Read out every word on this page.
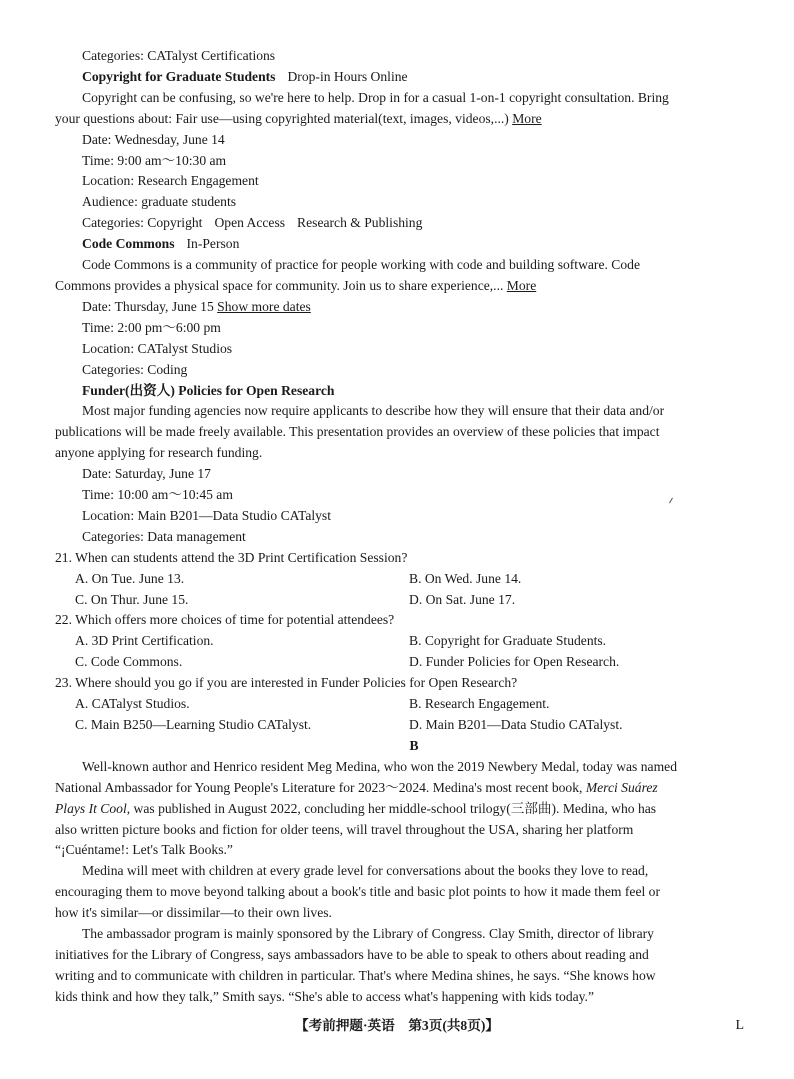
Categories: CATalyst Certifications
Copyright for Graduate Students Drop-in Hours Online
Copyright can be confusing, so we're here to help. Drop in for a casual 1-on-1 copyright consultation. Bring
your questions about: Fair use—using copyrighted material(text, images, videos,...) More
Date: Wednesday, June 14
Time: 9:00 am～10:30 am
Location: Research Engagement
Audience: graduate students
Categories: Copyright Open Access Research & Publishing
Code Commons In-Person
Code Commons is a community of practice for people working with code and building software. Code
Commons provides a physical space for community. Join us to share experience,... More
Date: Thursday, June 15 Show more dates
Time: 2:00 pm～6:00 pm
Location: CATalyst Studios
Categories: Coding
Funder(出资人) Policies for Open Research
Most major funding agencies now require applicants to describe how they will ensure that their data and/or
publications will be made freely available. This presentation provides an overview of these policies that impact
anyone applying for research funding.
Date: Saturday, June 17
Time: 10:00 am～10:45 am
Location: Main B201—Data Studio CATalyst
Categories: Data management
21. When can students attend the 3D Print Certification Session?
A. On Tue. June 13.	B. On Wed. June 14.
C. On Thur. June 15.	D. On Sat. June 17.
22. Which offers more choices of time for potential attendees?
A. 3D Print Certification.	B. Copyright for Graduate Students.
C. Code Commons.	D. Funder Policies for Open Research.
23. Where should you go if you are interested in Funder Policies for Open Research?
A. CATalyst Studios.	B. Research Engagement.
C. Main B250—Learning Studio CATalyst.	D. Main B201—Data Studio CATalyst.
B
Well-known author and Henrico resident Meg Medina, who won the 2019 Newbery Medal, today was named
National Ambassador for Young People's Literature for 2023～2024. Medina's most recent book, Merci Suárez
Plays It Cool, was published in August 2022, concluding her middle-school trilogy(三部曲). Medina, who has
also written picture books and fiction for older teens, will travel throughout the USA, sharing her platform
“¡Cuéntame!: Let's Talk Books.”
Medina will meet with children at every grade level for conversations about the books they love to read,
encouraging them to move beyond talking about a book's title and basic plot points to how it made them feel or
how it's similar—or dissimilar—to their own lives.
The ambassador program is mainly sponsored by the Library of Congress. Clay Smith, director of library
initiatives for the Library of Congress, says ambassadors have to be able to speak to others about reading and
writing and to communicate with children in particular. That's where Medina shines, he says. “She knows how
kids think and how they talk,” Smith says. “She's able to access what's happening with kids today.”
【考前押题·英语　第3页(共8页)】	L
